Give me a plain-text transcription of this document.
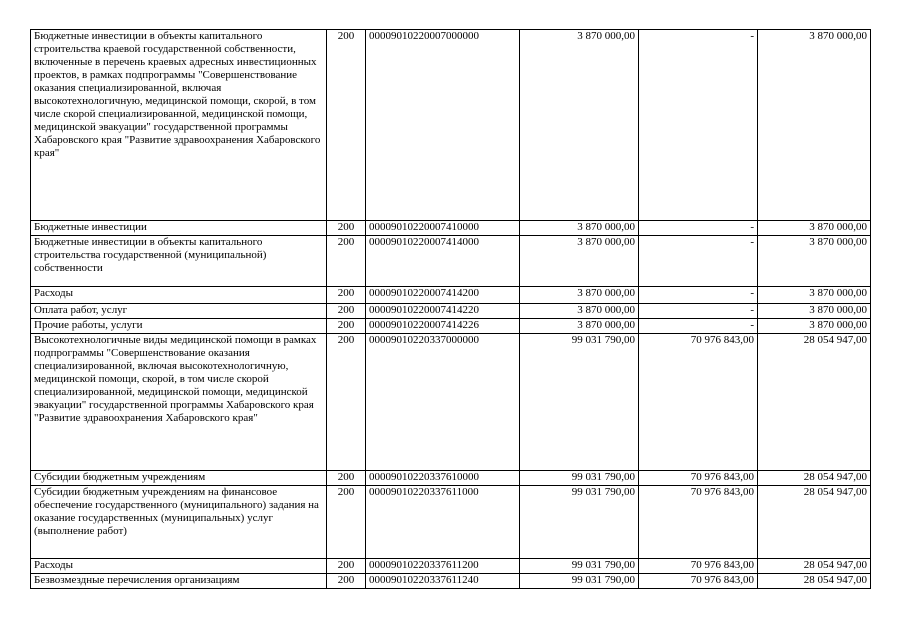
Бюджетные инвестиции в объекты капитального строительства краевой государственной собственности, включенные в перечень краевых адресных инвестиционных проектов, в рамках подпрограммы "Совершенствование оказания специализированной, включая высокотехнологичную, медицинской помощи, скорой, в том числе скорой специализированной, медицинской помощи, медицинской эвакуации" государственной программы Хабаровского края "Развитие здравоохранения Хабаровского края"	200	00009010220007000000	3 870 000,00	-	3 870 000,00
Бюджетные инвестиции	200	00009010220007410000	3 870 000,00	-	3 870 000,00
Бюджетные инвестиции в объекты капитального строительства государственной (муниципальной) собственности	200	00009010220007414000	3 870 000,00	-	3 870 000,00
Расходы	200	00009010220007414200	3 870 000,00	-	3 870 000,00
Оплата работ, услуг	200	00009010220007414220	3 870 000,00	-	3 870 000,00
Прочие работы, услуги	200	00009010220007414226	3 870 000,00	-	3 870 000,00
Высокотехнологичные виды медицинской помощи в рамках подпрограммы "Совершенствование оказания специализированной, включая высокотехнологичную, медицинской помощи, скорой, в том числе скорой специализированной, медицинской помощи, медицинской эвакуации" государственной программы Хабаровского края "Развитие здравоохранения Хабаровского края"	200	00009010220337000000	99 031 790,00	70 976 843,00	28 054 947,00
Субсидии бюджетным учреждениям	200	00009010220337610000	99 031 790,00	70 976 843,00	28 054 947,00
Субсидии бюджетным учреждениям на финансовое обеспечение государственного (муниципального) задания на оказание государственных (муниципальных) услуг (выполнение работ)	200	00009010220337611000	99 031 790,00	70 976 843,00	28 054 947,00
Расходы	200	00009010220337611200	99 031 790,00	70 976 843,00	28 054 947,00
Безвозмездные перечисления организациям	200	00009010220337611240	99 031 790,00	70 976 843,00	28 054 947,00
